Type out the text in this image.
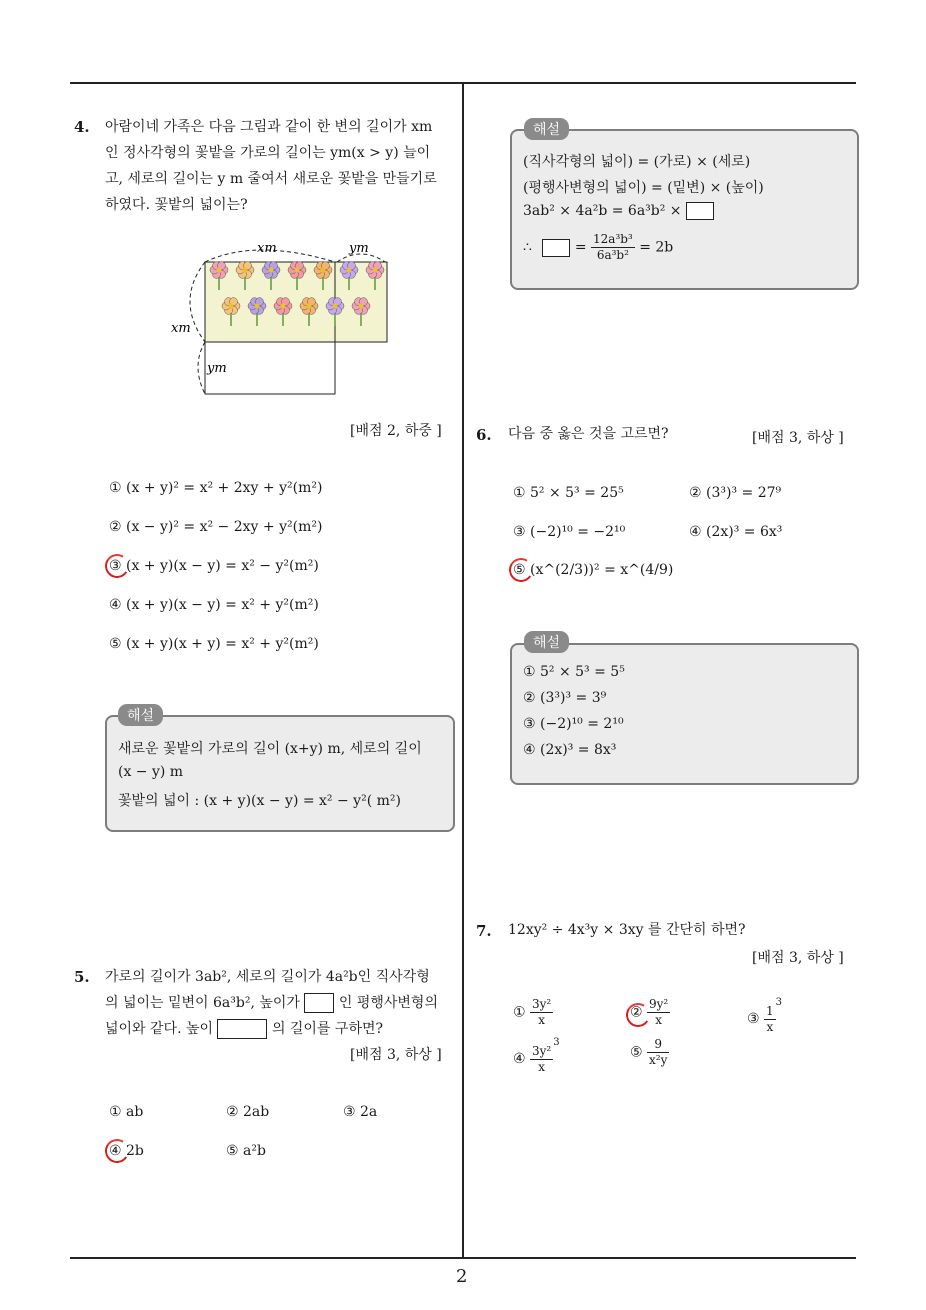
2
4. 아람이네 가족은 다음 그림과 같이 한 변의 길이가 xm
인 정사각형의 꽃밭을 가로의 길이는 ym(x > y) 늘이
고, 세로의 길이는 y m 줄여서 새로운 꽃밭을 만들기로
하였다. 꽃밭의 넓이는?
xm	ym
xm
ym
[배점 2, 하중 ]
① (x + y)² = x² + 2xy + y²(m²)
② (x − y)² = x² − 2xy + y²(m²)
③ (x + y)(x − y) = x² − y²(m²)
④ (x + y)(x − y) = x² + y²(m²)
⑤ (x + y)(x + y) = x² + y²(m²)
해설
새로운 꽃밭의 가로의 길이 (x+y) m, 세로의 길이
(x − y) m
꽃밭의 넓이 : (x + y)(x − y) = x² − y²( m²)
5. 가로의 길이가 3ab², 세로의 길이가 4a²b인 직사각형
의 넓이는 밑변이 6a³b², 높이가	인 평행사변형의
넓이와 같다. 높이	의 길이를 구하면?
[배점 3, 하상 ]
① ab	② 2ab	③ 2a
④ 2b	⑤ a²b
해설
(직사각형의 넓이) = (가로) × (세로)
(평행사변형의 넓이) = (밑변) × (높이)
3ab² × 4a²b = 6a³b² ×
∴	= $\frac{\text{12a³b³}}{\text{6a³b²}} = 2b$
6. 다음 중 옳은 것을 고르면?	[배점 3, 하상 ]
① 5² × 5³ = 25⁵	② (3³)³ = 27⁹
③ (−2)¹⁰ = −2¹⁰	④ (2x)³ = 6x³
⑤ (x^(2/3))² = x^(4/9)
해설
① 5² × 5³ = 5⁵
② (3³)³ = 3⁹
③ (−2)¹⁰ = 2¹⁰
④ (2x)³ = 8x³
7. 12xy² ÷ 4x³y × 3xy 를 간단히 하면?
[배점 3, 하상 ]
① $\frac{\text{3y²}}{x}$	② $\frac{\text{9y²}}{x}$	③ $\frac{1}{x}$
$^3$
④ $\frac{\text{3y²}}{x}$
$^3$
⑤ $\frac{9}{\text{x²y}}$
